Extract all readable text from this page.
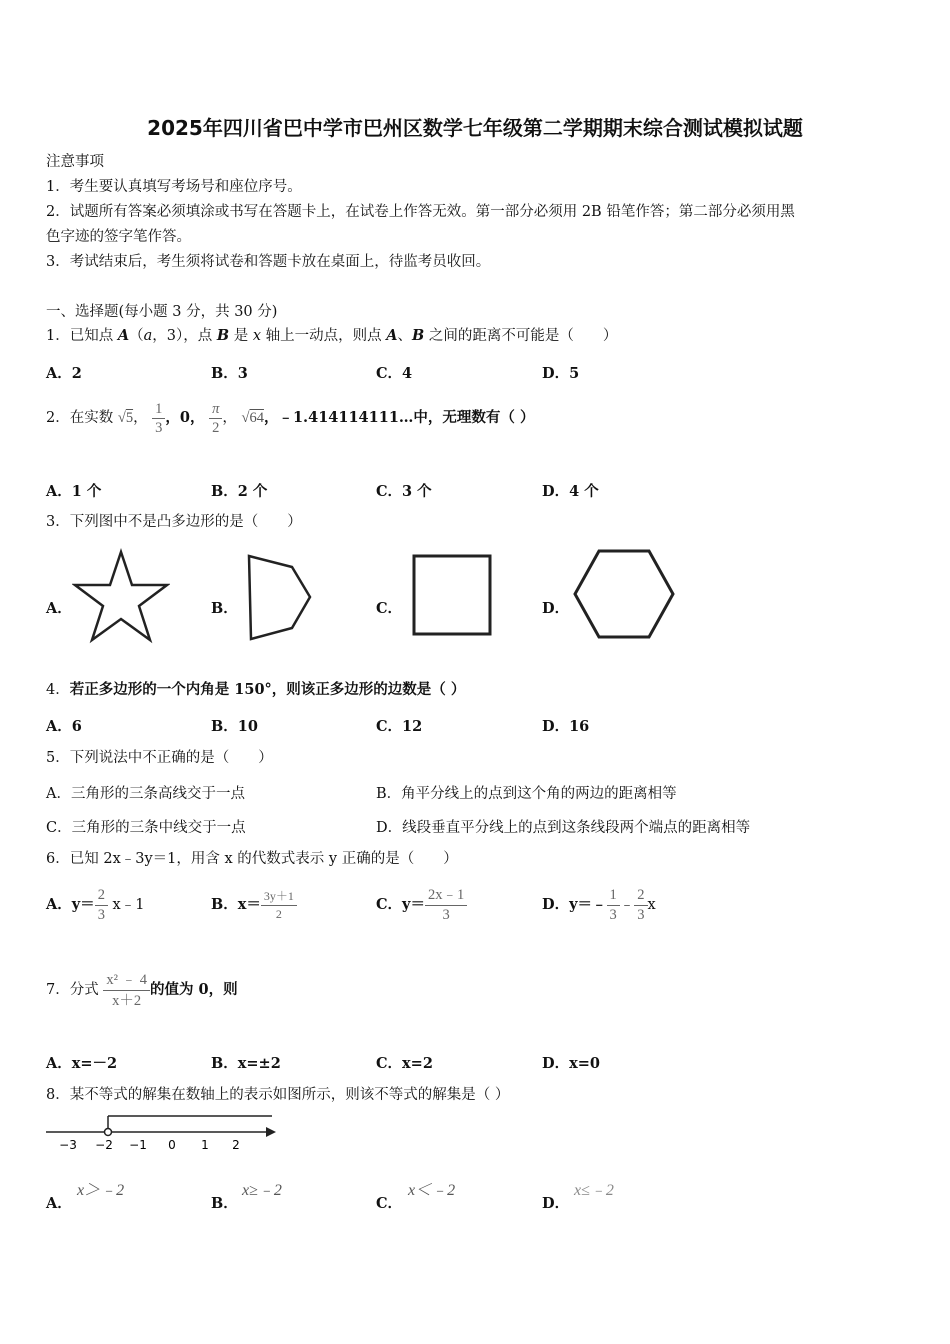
2025年四川省巴中学市巴州区数学七年级第二学期期末综合测试模拟试题
注意事项
1．考生要认真填写考场号和座位序号。
2．试题所有答案必须填涂或书写在答题卡上，在试卷上作答无效。第一部分必须用 2B 铅笔作答；第二部分必须用黑
色字迹的签字笔作答。
3．考试结束后，考生须将试卷和答题卡放在桌面上，待监考员收回。
一、选择题(每小题 3 分，共 30 分)
1．已知点 A（a，3），点 B 是 x 轴上一动点，则点 A、B 之间的距离不可能是（　　）
A．2	B．3	C．4	D．5
2．在实数 √5， $\frac{1}{3}$ ，0， $\frac{\pi}{2}$ ， √64，﹣1.414114111…中，无理数有（ ）
A．1 个	B．2 个	C．3 个	D．4 个
3．下列图中不是凸多边形的是（　　）
A．	B．	C．	D．
4．若正多边形的一个内角是 150°，则该正多边形的边数是（ ）
A．6	B．10	C．12	D．16
5．下列说法中不正确的是（　　）
A．三角形的三条高线交于一点	B．角平分线上的点到这个角的两边的距离相等
C．三角形的三条中线交于一点	D．线段垂直平分线上的点到这条线段两个端点的距离相等
6．已知 2x﹣3y＝1，用含 x 的代数式表示 y 正确的是（　　）
A．$y= \frac{2}{3}$ x﹣1	B．$x= \frac{3y+1}{2}$	C．$y= \frac{2x﹣1}{3}$	D．y＝﹣ $\frac{1}{3}$ ﹣ $\frac{2}{3}$ x
7．分式 $\frac{\text{x² ﹣ 4}}{x+2}$ 的值为 0，则
A．x=－2	B．x=±2	C．x=2	D．x=0
8．某不等式的解集在数轴上的表示如图所示，则该不等式的解集是（ ）
−3 −2 −1 0 1 2
A．
x＞﹣2
B．
x≥﹣2
C．
x＜﹣2
D．
x≤﹣2
